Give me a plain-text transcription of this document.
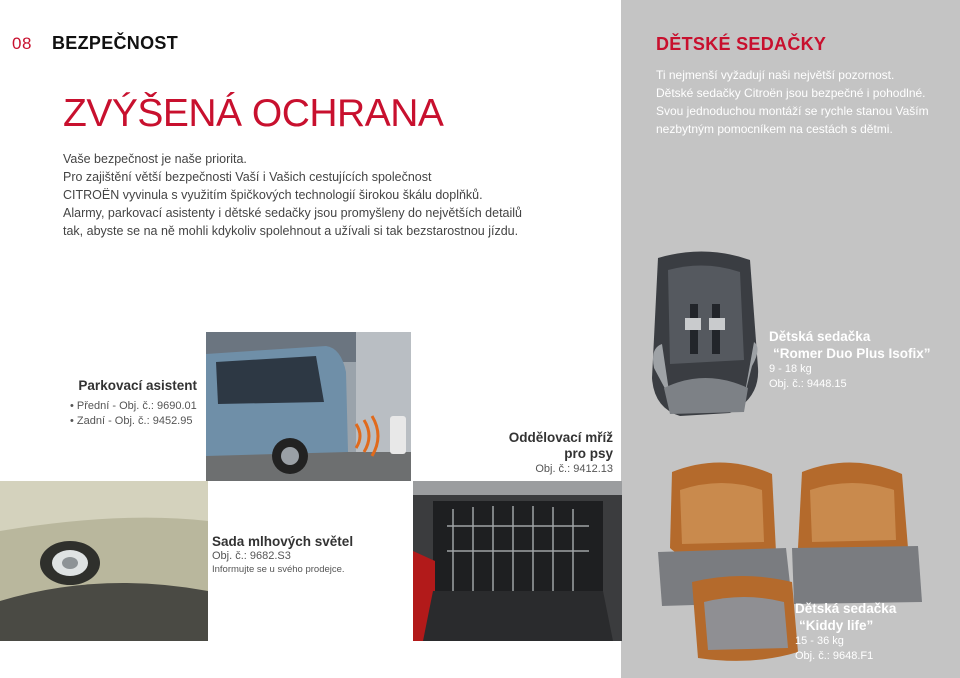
08 BEZPEČNOST
ZVÝŠENÁ OCHRANA

Vaše bezpečnost je naše priorita.

Pro zajištění větší bezpečnosti Vaší i Vašich cestujících společnost

CITROËN vyvinula s využitím špičkových technologií širokou škálu doplňků.

Alarmy, parkovací asistenty i dětské sedačky jsou promyšleny do největších detailů

tak, abyste se na ně mohli kdykoliv spolehnout a užívali si tak bezstarostnou jízdu.

DĚTSKÉ SEDAČKY

Ti nejmenší vyžadují naši největší pozornost.

Dětské sedačky Citroën jsou bezpečné i pohodlné.

Svou jednoduchou montáží se rychle stanou Vaším

nezbytným pomocníkem na cestách s dětmi.

Parkovací asistent
• Přední - Obj. č.: 9690.01
• Zadní - Obj. č.: 9452.95
Oddělovací mříž
pro psy
Obj. č.: 9412.13
Sada mlhových světel
Obj. č.: 9682.S3
Informujte se u svého prodejce.
Dětská sedačka
“Romer Duo Plus Isofix”
9 - 18 kg
Obj. č.: 9448.15
Dětská sedačka
“Kiddy life”
15 - 36 kg
Obj. č.: 9648.F1
